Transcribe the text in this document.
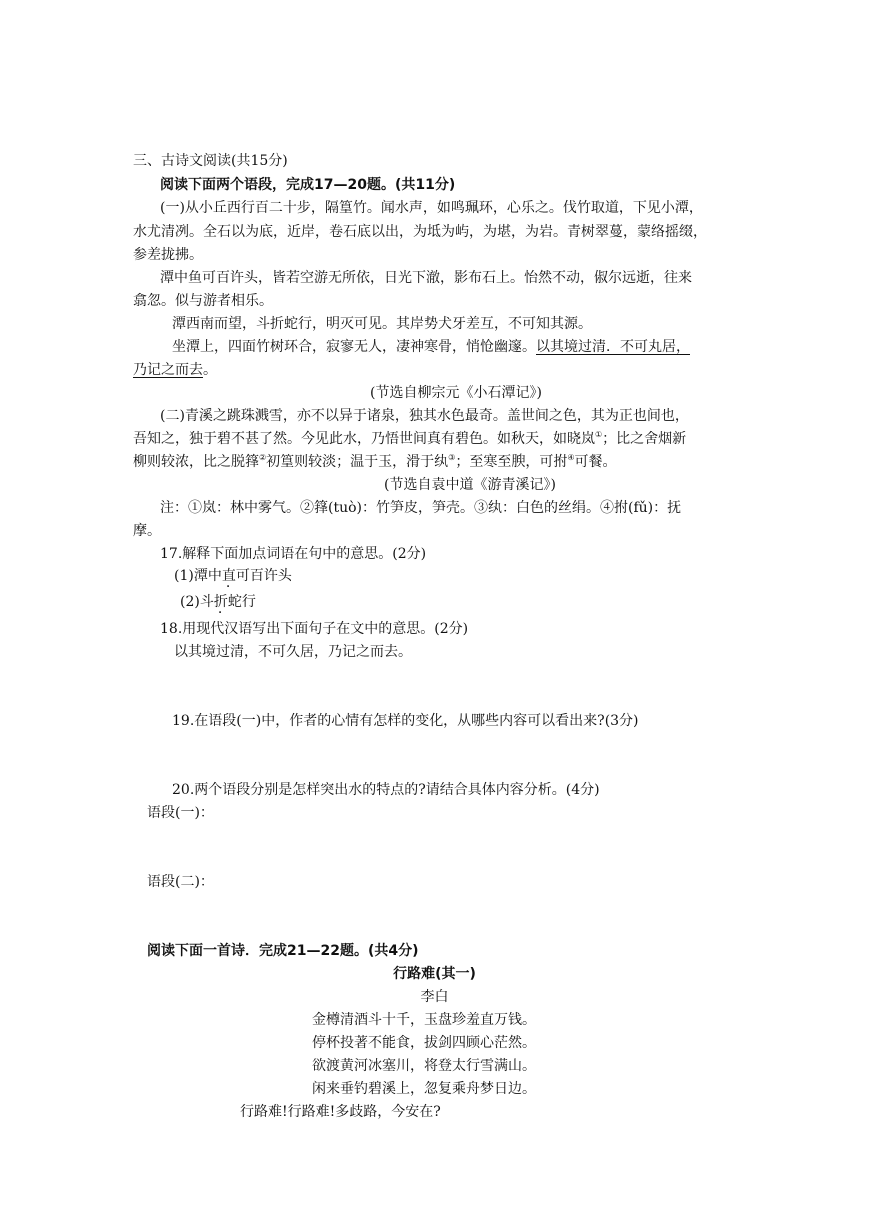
三、古诗文阅读(共15分)
阅读下面两个语段，完成17—20题。(共11分)
(一)从小丘西行百二十步，隔篁竹。闻水声，如鸣珮环，心乐之。伐竹取道，下见小潭，
水尤清冽。全石以为底，近岸，卷石底以出，为坻为屿，为堪，为岩。青树翠蔓，蒙络摇缀，
参差拢拂。
潭中鱼可百许头，皆若空游无所依，日光下澈，影布石上。怡然不动，俶尔远逝，往来
翕忽。似与游者相乐。
潭西南而望，斗折蛇行，明灭可见。其岸势犬牙差互，不可知其源。
坐潭上，四面竹树环合，寂寥无人，凄神寒骨，悄怆幽邃。以其境过清．不可丸居，
乃记之而去。
(节选自柳宗元《小石潭记》)
(二)青溪之跳珠溅雪，亦不以异于诸泉，独其水色最奇。盖世间之色，其为正也间也，
吾知之，独于碧不甚了然。今见此水，乃悟世间真有碧色。如秋天，如晓岚①；比之舍烟新
柳则较浓，比之脱箨②初篁则较淡；温于玉，滑于纨③；至寒至腴，可拊④可餐。
(节选自袁中道《游青溪记》)
注：①岚：林中雾气。②箨(tuò)：竹笋皮，笋壳。③纨：白色的丝绢。④拊(fǔ)：抚
摩。
17.解释下面加点词语在句中的意思。(2分)
(1)潭中直可百许头
(2)斗折蛇行
18.用现代汉语写出下面句子在文中的意思。(2分)
以其境过清，不可久居，乃记之而去。
19.在语段(一)中，作者的心情有怎样的变化，从哪些内容可以看出来?(3分)
20.两个语段分别是怎样突出水的特点的?请结合具体内容分析。(4分)
语段(一)：
语段(二)：
阅读下面一首诗．完成21—22题。(共4分)
行路难(其一)
李白
金樽清酒斗十千，玉盘珍羞直万钱。
停杯投著不能食，拔剑四顾心茫然。
欲渡黄河冰塞川，将登太行雪满山。
闲来垂钓碧溪上，忽复乘舟梦日边。
行路难!行路难!多歧路，今安在?
